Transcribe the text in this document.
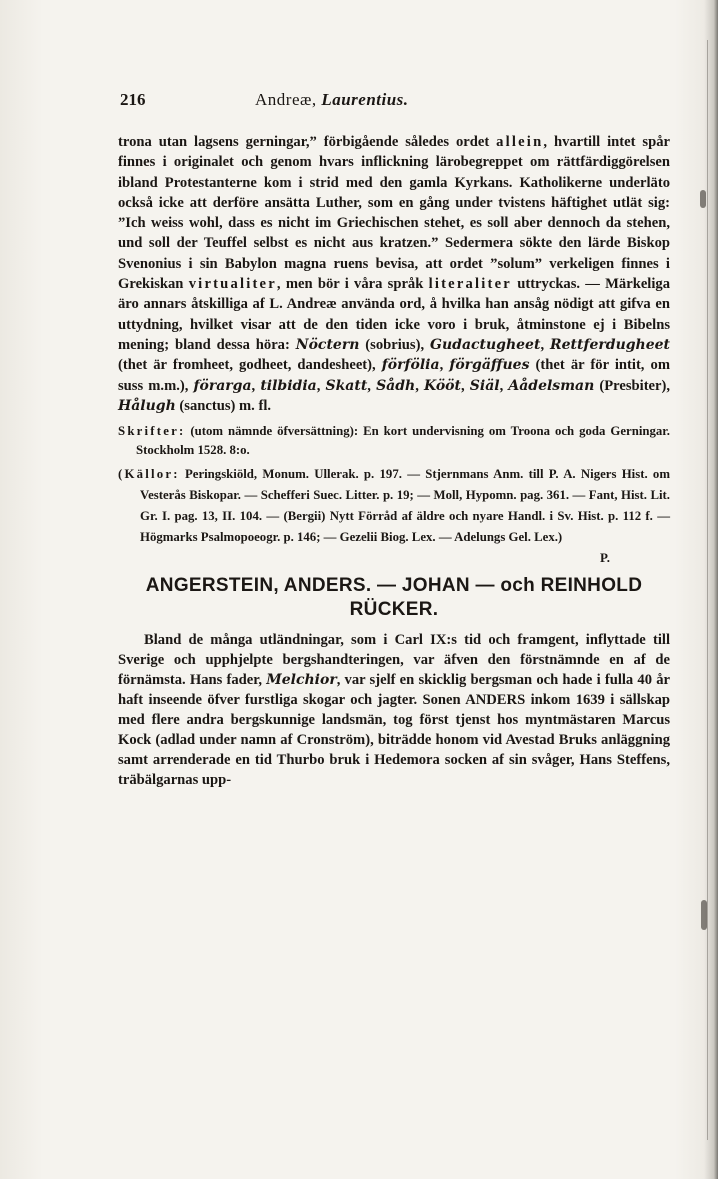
216	Andreæ, Laurentius.

trona utan lagsens gerningar,” förbigående således ordet allein, hvartill intet spår finnes i originalet och genom hvars inflickning lärobegreppet om rättfärdiggörelsen ibland Protestanterne kom i strid med den gamla Kyrkans. Katholikerne underläto också icke att derföre ansätta Luther, som en gång under tvistens häftighet utlät sig: ”Ich weiss wohl, dass es nicht im Griechischen stehet, es soll aber dennoch da stehen, und soll der Teuffel selbst es nicht aus kratzen.” Sedermera sökte den lärde Biskop Svenonius i sin Babylon magna ruens bevisa, att ordet ”solum” verkeligen finnes i Grekiskan virtualiter, men bör i våra språk literaliter uttryckas. — Märkeliga äro annars åtskilliga af L. Andreæ använda ord, å hvilka han ansåg nödigt att gifva en uttydning, hvilket visar att de den tiden icke voro i bruk, åtminstone ej i Bibelns mening; bland dessa höra: Nöctern (sobrius), Gudactugheet, Rettferdugheet (thet är fromheet, godheet, dandesheet), förfölia, förgäffues (thet är för intit, om suss m.m.), förarga, tilbidia, Skatt, Sådh, Kööt, Siäl, Aådelsman (Presbiter), Hålugh (sanctus) m. fl.

Skrifter: (utom nämnde öfversättning): En kort undervisning om Troona och goda Gerningar. Stockholm 1528. 8:o.

(Källor: Peringskiöld, Monum. Ullerak. p. 197. — Stjernmans Anm. till P. A. Nigers Hist. om Vesterås Biskopar. — Schefferi Suec. Litter. p. 19; — Moll, Hypomn. pag. 361. — Fant, Hist. Lit. Gr. I. pag. 13, II. 104. — (Bergii) Nytt Förråd af äldre och nyare Handl. i Sv. Hist. p. 112 f. — Högmarks Psalmopoeogr. p. 146; — Gezelii Biog. Lex. — Adelungs Gel. Lex.)

P.
ANGERSTEIN, ANDERS. — JOHAN — och REINHOLD
RÜCKER.

Bland de många utländningar, som i Carl IX:s tid och framgent, inflyttade till Sverige och upphjelpte bergshandteringen, var äfven den förstnämnde en af de förnämsta. Hans fader, Melchior, var sjelf en skicklig bergsman och hade i fulla 40 år haft inseende öfver furstliga skogar och jagter. Sonen ANDERS inkom 1639 i sällskap med flere andra bergskunnige landsmän, tog först tjenst hos myntmästaren Marcus Kock (adlad under namn af Cronström), biträdde honom vid Avestad Bruks anläggning samt arrenderade en tid Thurbo bruk i Hedemora socken af sin svåger, Hans Steffens, träbälgarnas upp-
